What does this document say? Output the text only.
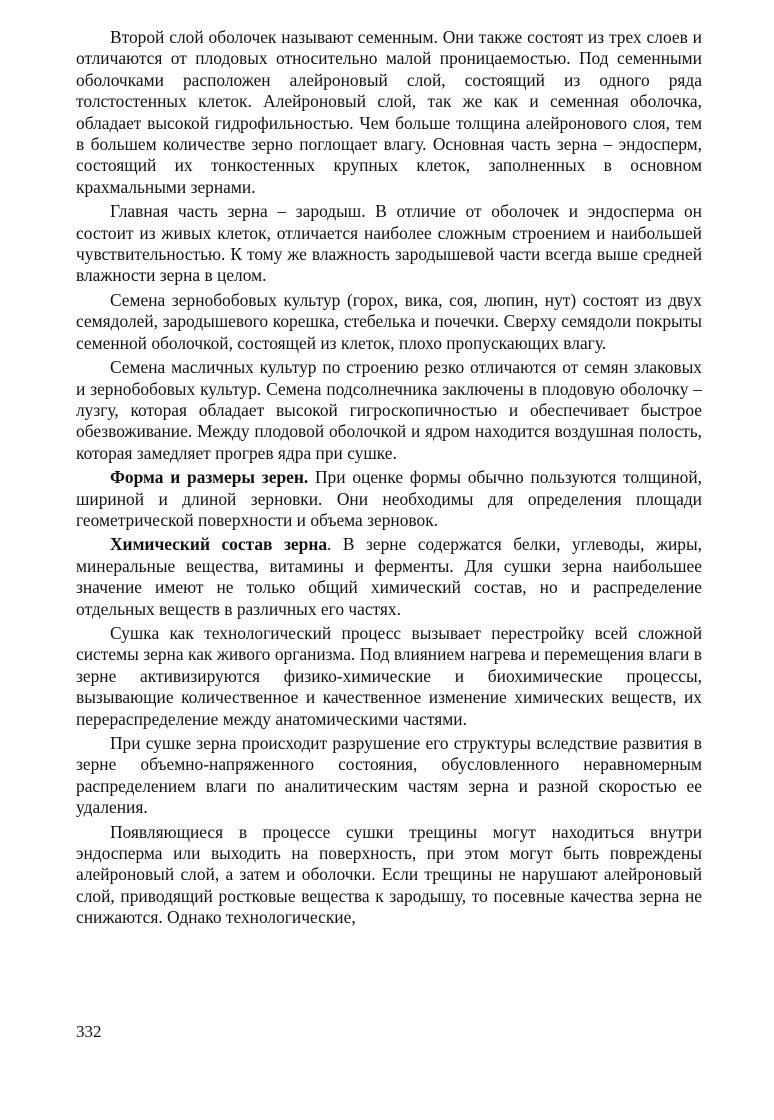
Второй слой оболочек называют семенным. Они также состоят из трех слоев и отличаются от плодовых относительно малой проницаемостью. Под семенными оболочками расположен алейроновый слой, состоящий из одного ряда толстостенных клеток. Алейроновый слой, так же как и семенная оболочка, обладает высокой гидрофильностью. Чем больше толщина алейронового слоя, тем в большем количестве зерно поглощает влагу. Основная часть зерна – эндосперм, состоящий их тонкостенных крупных клеток, заполненных в основном крахмальными зернами.

Главная часть зерна – зародыш. В отличие от оболочек и эндосперма он состоит из живых клеток, отличается наиболее сложным строением и наибольшей чувствительностью. К тому же влажность зародышевой части всегда выше средней влажности зерна в целом.

Семена зернобобовых культур (горох, вика, соя, люпин, нут) состоят из двух семядолей, зародышевого корешка, стебелька и почечки. Сверху семядоли покрыты семенной оболочкой, состоящей из клеток, плохо пропускающих влагу.

Семена масличных культур по строению резко отличаются от семян злаковых и зернобобовых культур. Семена подсолнечника заключены в плодовую оболочку – лузгу, которая обладает высокой гигроскопичностью и обеспечивает быстрое обезвоживание. Между плодовой оболочкой и ядром находится воздушная полость, которая замедляет прогрев ядра при сушке.

Форма и размеры зерен. При оценке формы обычно пользуются толщиной, шириной и длиной зерновки. Они необходимы для определения площади геометрической поверхности и объема зерновок.

Химический состав зерна. В зерне содержатся белки, углеводы, жиры, минеральные вещества, витамины и ферменты. Для сушки зерна наибольшее значение имеют не только общий химический состав, но и распределение отдельных веществ в различных его частях.

Сушка как технологический процесс вызывает перестройку всей сложной системы зерна как живого организма. Под влиянием нагрева и перемещения влаги в зерне активизируются физико-химические и биохимические процессы, вызывающие количественное и качественное изменение химических веществ, их перераспределение между анатомическими частями.

При сушке зерна происходит разрушение его структуры вследствие развития в зерне объемно-напряженного состояния, обусловленного неравномерным распределением влаги по аналитическим частям зерна и разной скоростью ее удаления.

Появляющиеся в процессе сушки трещины могут находиться внутри эндосперма или выходить на поверхность, при этом могут быть повреждены алейроновый слой, а затем и оболочки. Если трещины не нарушают алейроновый слой, приводящий ростковые вещества к зародышу, то посевные качества зерна не снижаются. Однако технологические,

332
